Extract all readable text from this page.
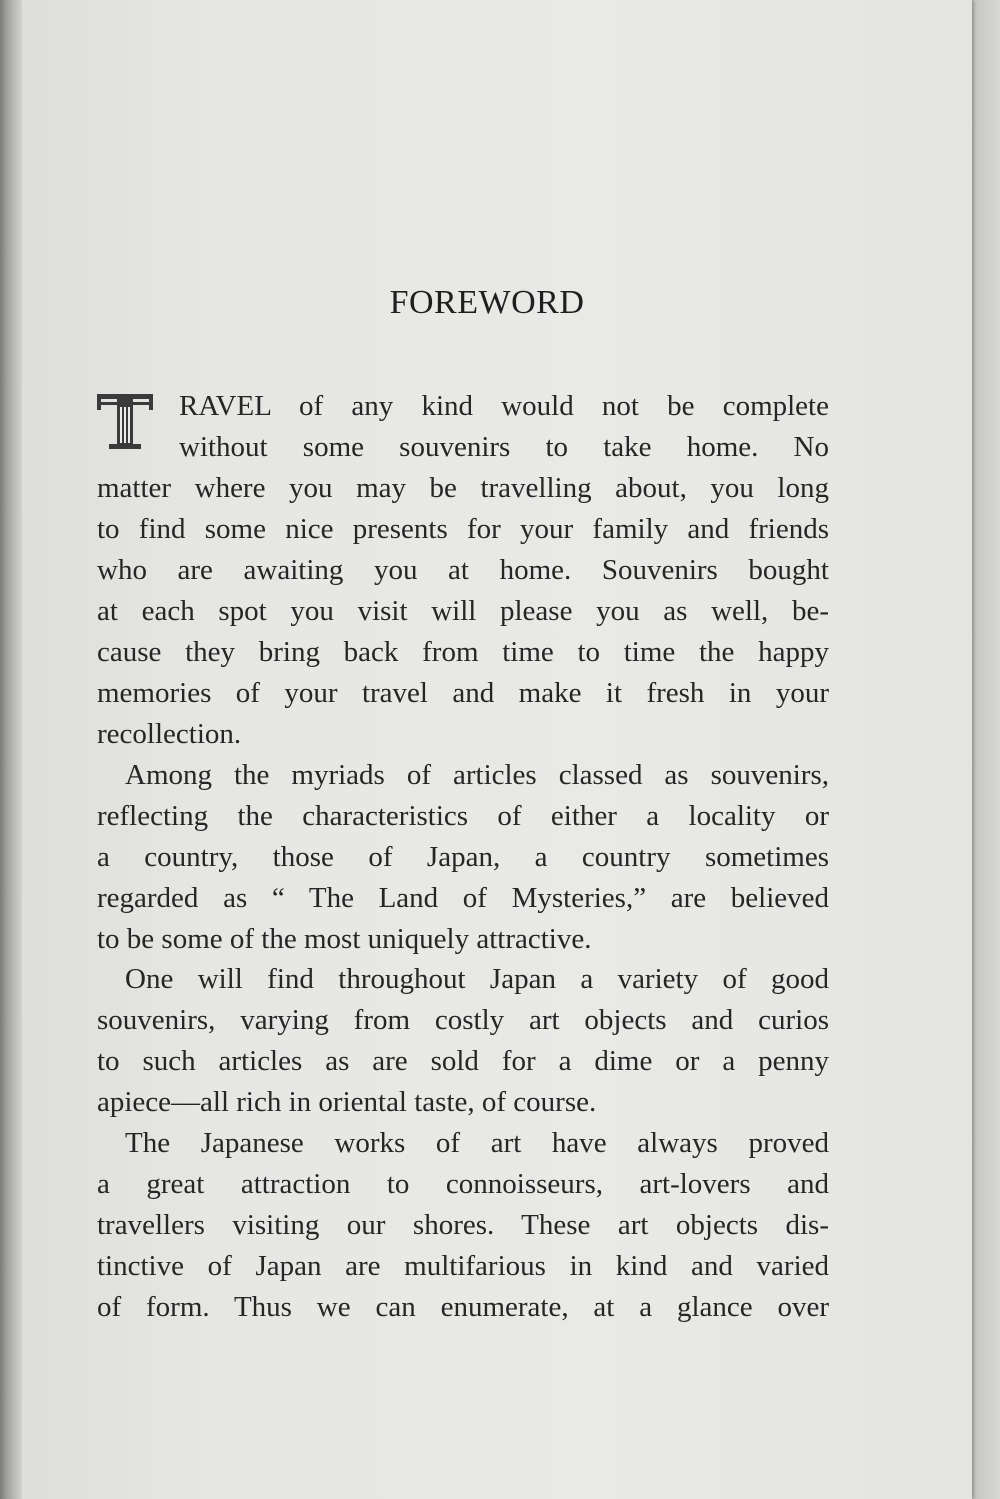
FOREWORD
RAVEL of any kind would not be complete
without some souvenirs to take home. No
matter where you may be travelling about, you long
to find some nice presents for your family and friends
who are awaiting you at home. Souvenirs bought
at each spot you visit will please you as well, be-
cause they bring back from time to time the happy
memories of your travel and make it fresh in your
recollection.
Among the myriads of articles classed as souvenirs,
reflecting the characteristics of either a locality or
a country, those of Japan, a country sometimes
regarded as “ The Land of Mysteries,” are believed
to be some of the most uniquely attractive.
One will find throughout Japan a variety of good
souvenirs, varying from costly art objects and curios
to such articles as are sold for a dime or a penny
apiece—all rich in oriental taste, of course.
The Japanese works of art have always proved
a great attraction to connoisseurs, art-lovers and
travellers visiting our shores. These art objects dis-
tinctive of Japan are multifarious in kind and varied
of form. Thus we can enumerate, at a glance over
